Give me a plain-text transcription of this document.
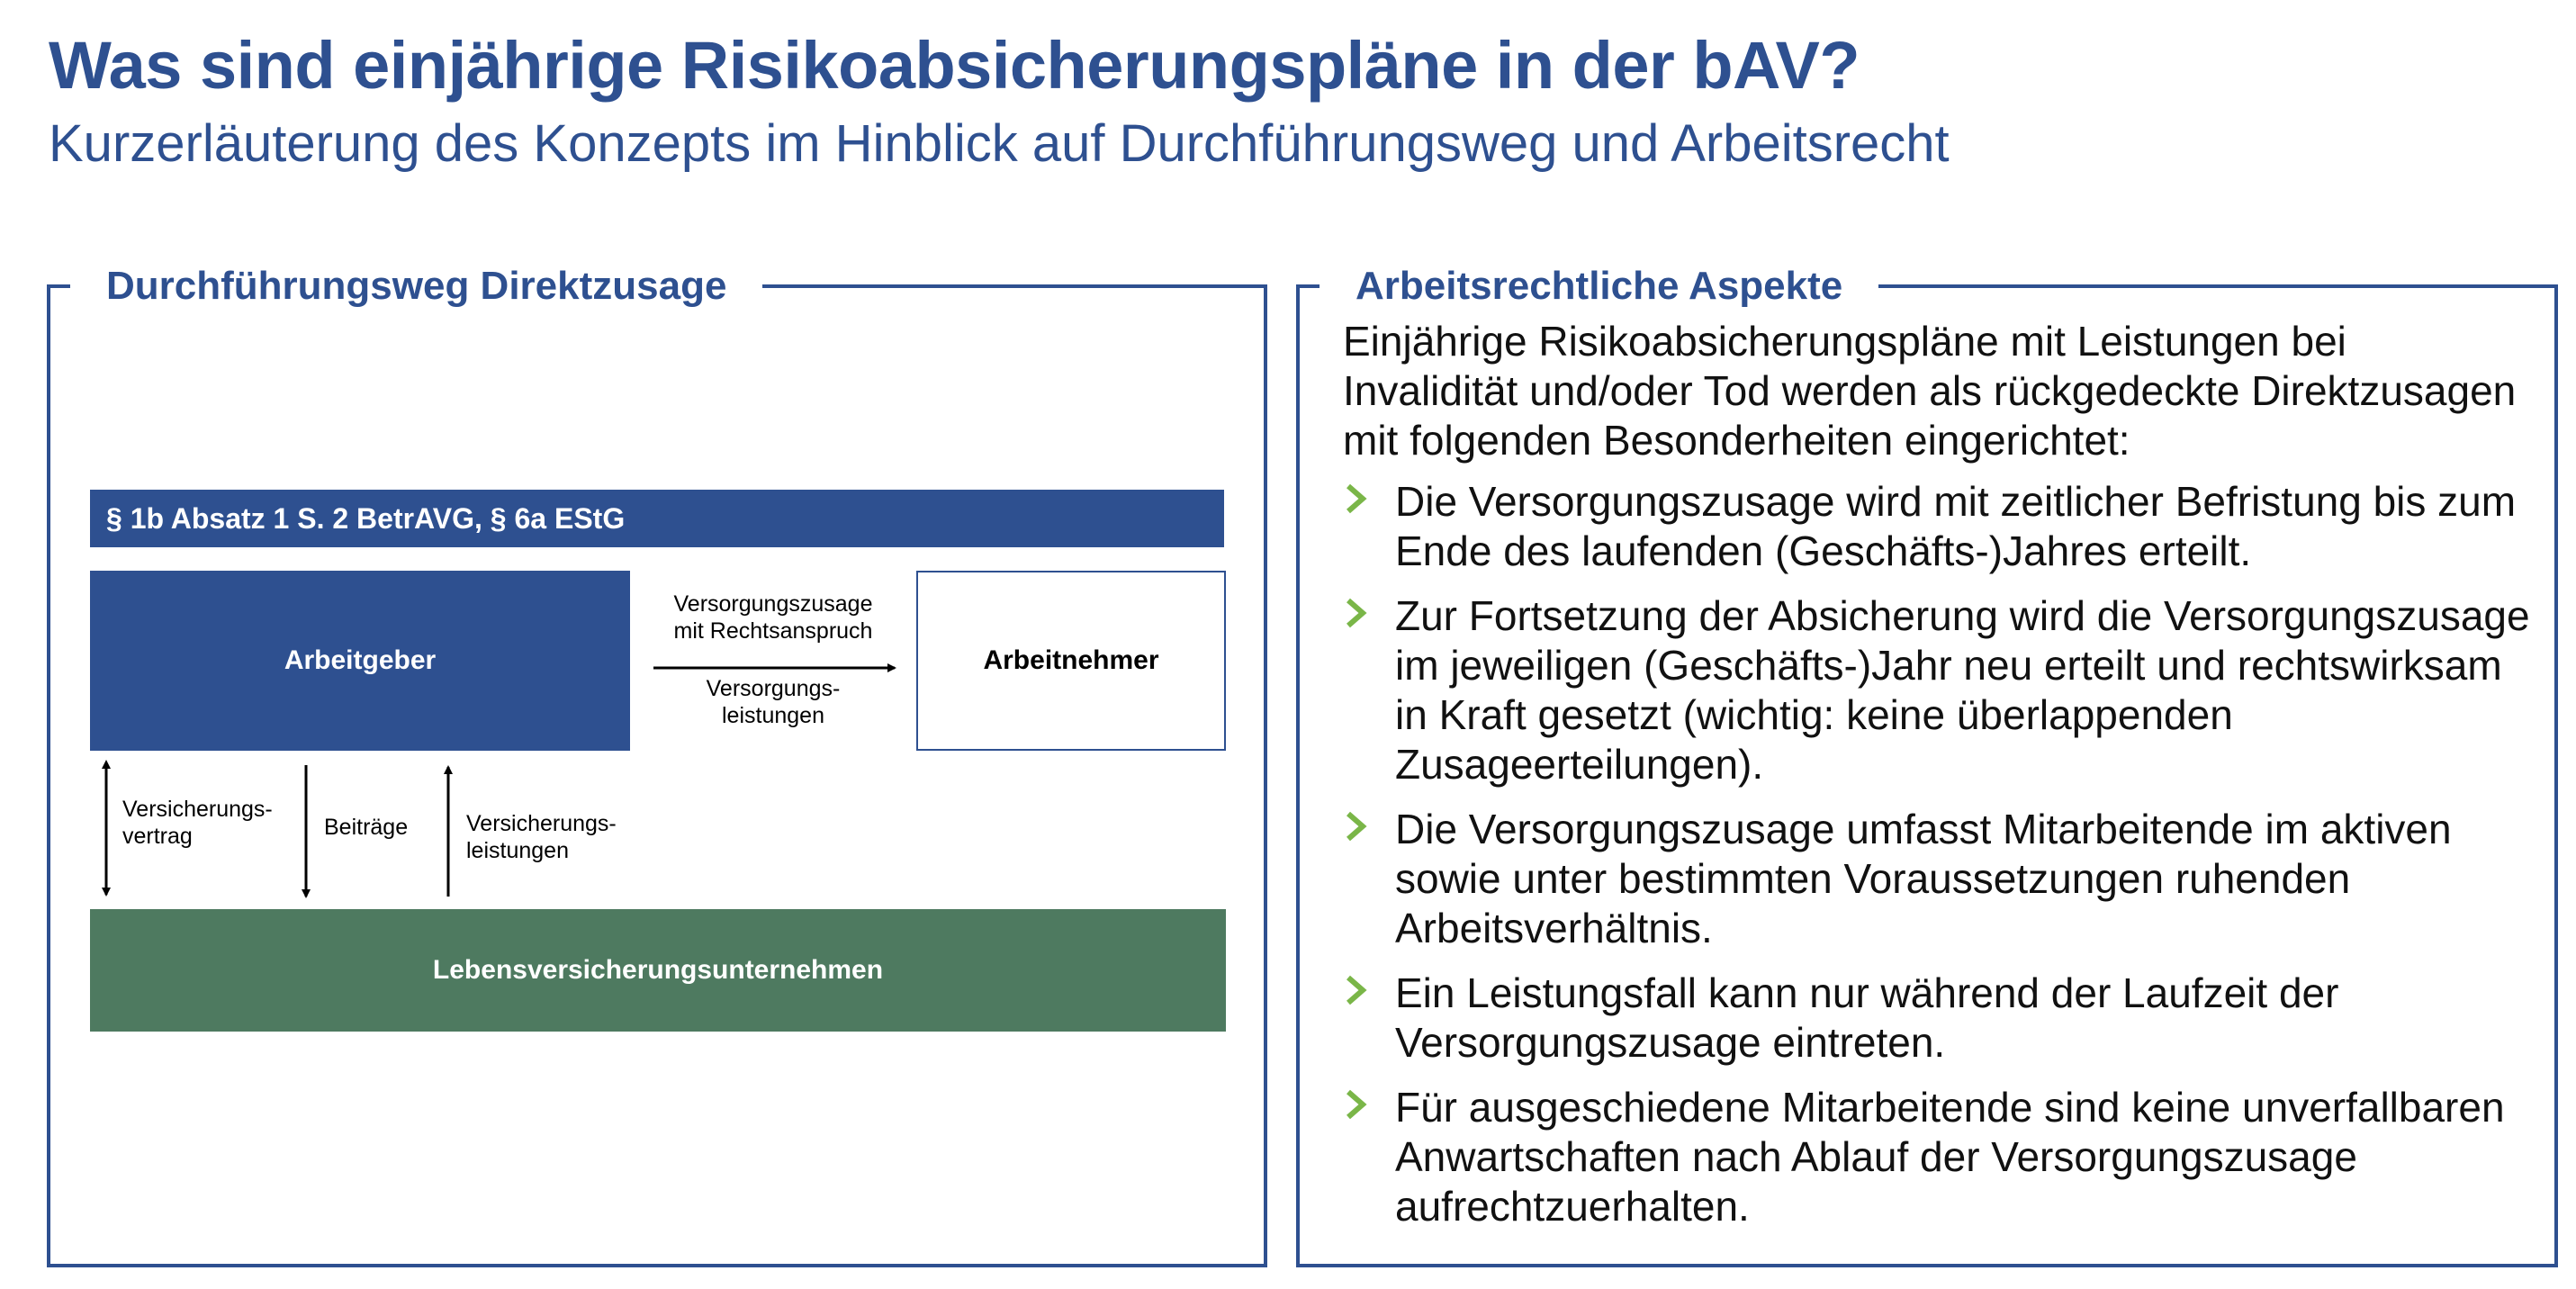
Was sind einjährige Risikoabsicherungspläne in der bAV?
Kurzerläuterung des Konzepts im Hinblick auf Durchführungsweg und Arbeitsrecht
Durchführungsweg Direktzusage
§ 1b Absatz 1 S. 2 BetrAVG, § 6a EStG
Arbeitgeber	Arbeitnehmer
Lebensversicherungsunternehmen
Versorgungszusage
mit Rechtsanspruch
Versorgungs-
leistungen
Versicherungs-
vertrag	Beiträge	Versicherungs-
leistungen
Arbeitsrechtliche Aspekte
Einjährige Risikoabsicherungspläne mit Leistungen bei Invalidität und/oder Tod werden als rückgedeckte Direktzusagen mit folgenden Besonderheiten eingerichtet:
Die Versorgungszusage wird mit zeitlicher Befristung bis zum Ende des laufenden (Geschäfts-)Jahres erteilt.
Zur Fortsetzung der Absicherung wird die Versorgungszusage im jeweiligen (Geschäfts-)Jahr neu erteilt und rechtswirksam in Kraft gesetzt (wichtig: keine überlappenden Zusageerteilungen).
Die Versorgungszusage umfasst Mitarbeitende im aktiven sowie unter bestimmten Voraussetzungen ruhenden Arbeitsverhältnis.
Ein Leistungsfall kann nur während der Laufzeit der Versorgungszusage eintreten.
Für ausgeschiedene Mitarbeitende sind keine unverfallbaren Anwartschaften nach Ablauf der Versorgungszusage aufrechtzuerhalten.
